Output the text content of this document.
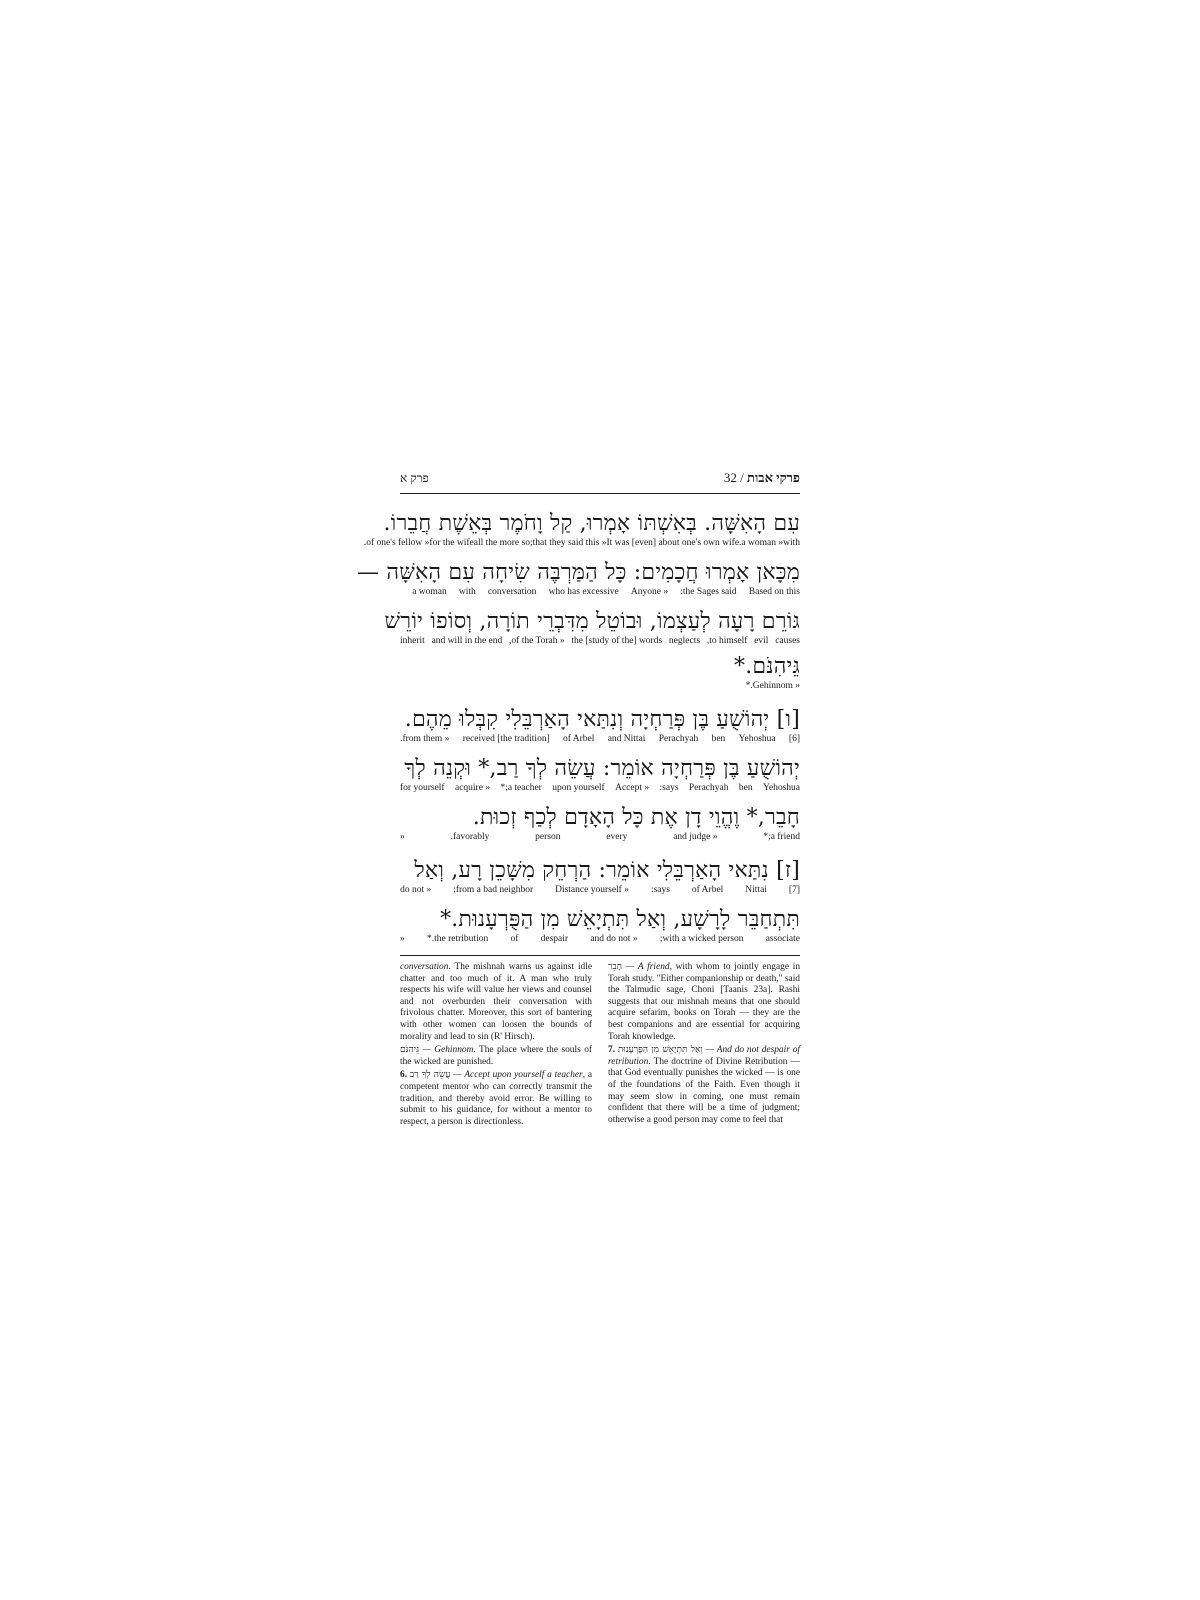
פרק א	32 / פרקי אבות
עִם הָאִשָּׁה. בְּאִשְׁתּוֹ אָמְרוּ, קַל וָחֹמֶר בְּאֵשֶׁת חֲבֵרוֹ.
with
« a woman.
It was [even] about one's own wife
« that they said this;
all the more so
for the wife
« of one's fellow.
מִכָּאן אָמְרוּ חֲכָמִים: כָּל הַמַּרְבֶּה שִׂיחָה עִם הָאִשָּׁה —
Based on this
the Sages said:
« Anyone
who has excessive
conversation
with
a woman
גּוֹרֵם רָעָה לְעַצְמוֹ, וּבוֹטֵל מִדִּבְרֵי תוֹרָה, וְסוֹפוֹ יוֹרֵשׁ
causes
evil
to himself,
neglects
the [study of the] words
« of the Torah,
and will in the end
inherit
גֵּיהִנֹּם.*
« Gehinnom.*
[ו] יְהוֹשֻׁעַ בֶּן פְּרַחְיָה וְנִתַּאי הָאַרְבֵּלִי קִבְּלוּ מֵהֶם.
[6]
Yehoshua
ben
Perachyah
and Nittai
of Arbel
received [the tradition]
« from them.
יְהוֹשֻׁעַ בֶּן פְּרַחְיָה אוֹמֵר: עֲשֵׂה לְךָ רַב,* וּקְנֵה לְךָ
Yehoshua
ben
Perachyah
says:
« Accept
upon yourself
a teacher;*
« acquire
for yourself
חָבֵר,* וֶהֱוֵי דָן אֶת כָּל הָאָדָם לְכַף זְכוּת.
a friend;*
« and judge
every
person
favorably.
«
[ז] נִתַּאי הָאַרְבֵּלִי אוֹמֵר: הַרְחֵק מִשָּׁכֵן רָע, וְאַל
[7]
Nittai
of Arbel
says:
« Distance yourself
from a bad neighbor;
« do not
תִּתְחַבֵּר לָרָשָׁע, וְאַל תִּתְיָאֵשׁ מִן הַפֻּרְעָנוּת.*
associate
with a wicked person;
« and do not
despair
of
the retribution.*
«

conversation. The mishnah warns us against idle chatter and too much of it. A man who truly respects his wife will value her views and counsel and not overburden their conversation with frivolous chatter. Moreover, this sort of bantering with other women can loosen the bounds of morality and lead to sin (R' Hirsch).

גֵּיהִנֹּם — Gehinnom. The place where the souls of the wicked are punished.

6. עֲשֵׂה לְךָ רַב — Accept upon yourself a teacher, a competent mentor who can correctly transmit the tradition, and thereby avoid error. Be willing to submit to his guidance, for without a mentor to respect, a person is directionless.

חָבֵר — A friend, with whom to jointly engage in Torah study. "Either companionship or death," said the Talmudic sage, Choni [Taanis 23a]. Rashi suggests that our mishnah means that one should acquire sefarim, books on Torah — they are the best companions and are essential for acquiring Torah knowledge.

7. וְאַל תִּתְיָאֵשׁ מִן הַפֻּרְעָנוּת — And do not despair of retribution. The doctrine of Divine Retribution — that God eventually punishes the wicked — is one of the foundations of the Faith. Even though it may seem slow in coming, one must remain confident that there will be a time of judgment; otherwise a good person may come to feel that
